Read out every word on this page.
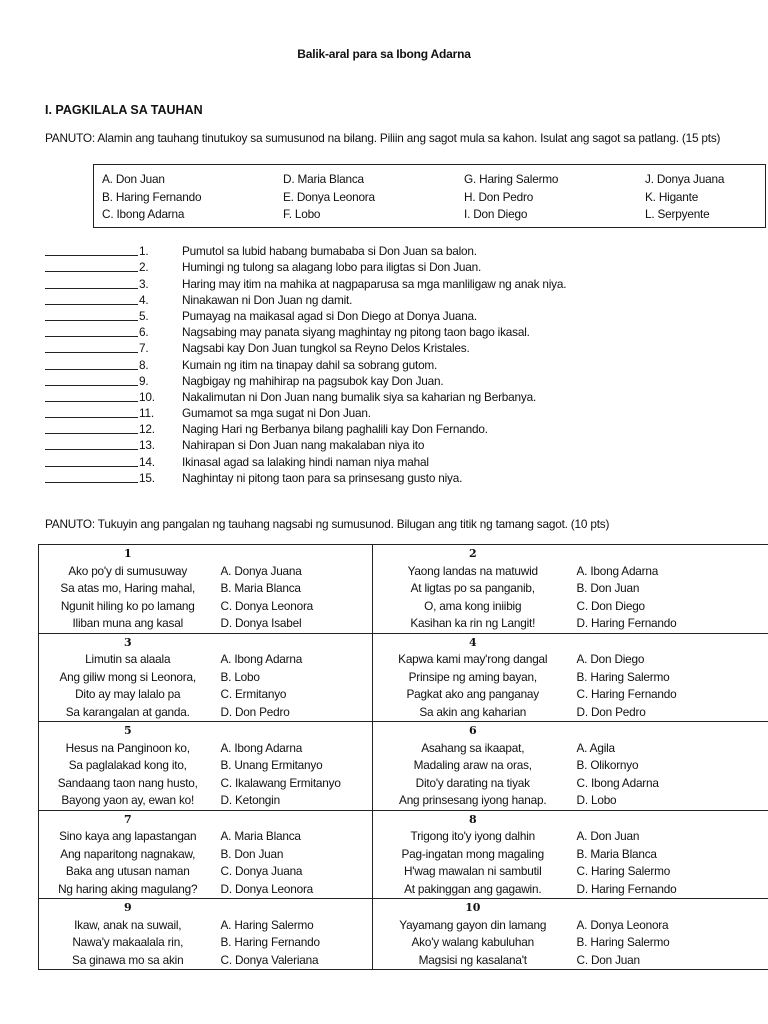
Balik-aral para sa Ibong Adarna
I. PAGKILALA SA TAUHAN
PANUTO: Alamin ang tauhang tinutukoy sa sumusunod na bilang. Piliin ang sagot mula sa kahon. Isulat ang sagot sa patlang. (15 pts)
A. Don Juan	D. Maria Blanca	G. Haring Salermo	J. Donya Juana
B. Haring Fernando	E. Donya Leonora	H. Don Pedro	K. Higante
C. Ibong Adarna	F. Lobo	I. Don Diego	L. Serpyente
1.	Pumutol sa lubid habang bumababa si Don Juan sa balon.
2.	Humingi ng tulong sa alagang lobo para iligtas si Don Juan.
3.	Haring may itim na mahika at nagpaparusa sa mga manliligaw ng anak niya.
4.	Ninakawan ni Don Juan ng damit.
5.	Pumayag na maikasal agad si Don Diego at Donya Juana.
6.	Nagsabing may panata siyang maghintay ng pitong taon bago ikasal.
7.	Nagsabi kay Don Juan tungkol sa Reyno Delos Kristales.
8.	Kumain ng itim na tinapay dahil sa sobrang gutom.
9.	Nagbigay ng mahihirap na pagsubok kay Don Juan.
10.	Nakalimutan ni Don Juan nang bumalik siya sa kaharian ng Berbanya.
11.	Gumamot sa mga sugat ni Don Juan.
12.	Naging Hari ng Berbanya bilang paghalili kay Don Fernando.
13.	Nahirapan si Don Juan nang makalaban niya ito
14.	Ikinasal agad sa lalaking hindi naman niya mahal
15.	Naghintay ni pitong taon para sa prinsesang gusto niya.
PANUTO: Tukuyin ang pangalan ng tauhang nagsabi ng sumusunod. Bilugan ang titik ng tamang sagot. (10 pts)
1		2	
Ako po'y di sumusuway	A. Donya Juana	Yaong landas na matuwid	A. Ibong Adarna
Sa atas mo, Haring mahal,	B. Maria Blanca	At ligtas po sa panganib,	B. Don Juan
Ngunit hiling ko po lamang	C. Donya Leonora	O, ama kong iniibig	C. Don Diego
Iliban muna ang kasal	D. Donya Isabel	Kasihan ka rin ng Langit!	D. Haring Fernando
3		4	
Limutin sa alaala	A. Ibong Adarna	Kapwa kami may'rong dangal	A. Don Diego
Ang giliw mong si Leonora,	B. Lobo	Prinsipe ng aming bayan,	B. Haring Salermo
Dito ay may lalalo pa	C. Ermitanyo	Pagkat ako ang panganay	C. Haring Fernando
Sa karangalan at ganda.	D. Don Pedro	Sa akin ang kaharian	D. Don Pedro
5		6	
Hesus na Panginoon ko,	A. Ibong Adarna	Asahang sa ikaapat,	A. Agila
Sa paglalakad kong ito,	B. Unang Ermitanyo	Madaling araw na oras,	B. Olikornyo
Sandaang taon nang husto,	C. Ikalawang Ermitanyo	Dito'y darating na tiyak	C. Ibong Adarna
Bayong yaon ay, ewan ko!	D. Ketongin	Ang prinsesang iyong hanap.	D. Lobo
7		8	
Sino kaya ang lapastangan	A. Maria Blanca	Trigong ito'y iyong dalhin	A. Don Juan
Ang naparitong nagnakaw,	B. Don Juan	Pag-ingatan mong magaling	B. Maria Blanca
Baka ang utusan naman	C. Donya Juana	H'wag mawalan ni sambutil	C. Haring Salermo
Ng haring aking magulang?	D. Donya Leonora	At pakinggan ang gagawin.	D. Haring Fernando
9		10	
Ikaw, anak na suwail,	A. Haring Salermo	Yayamang gayon din lamang	A. Donya Leonora
Nawa'y makaalala rin,	B. Haring Fernando	Ako'y walang kabuluhan	B. Haring Salermo
Sa ginawa mo sa akin	C. Donya Valeriana	Magsisi ng kasalana't	C. Don Juan
